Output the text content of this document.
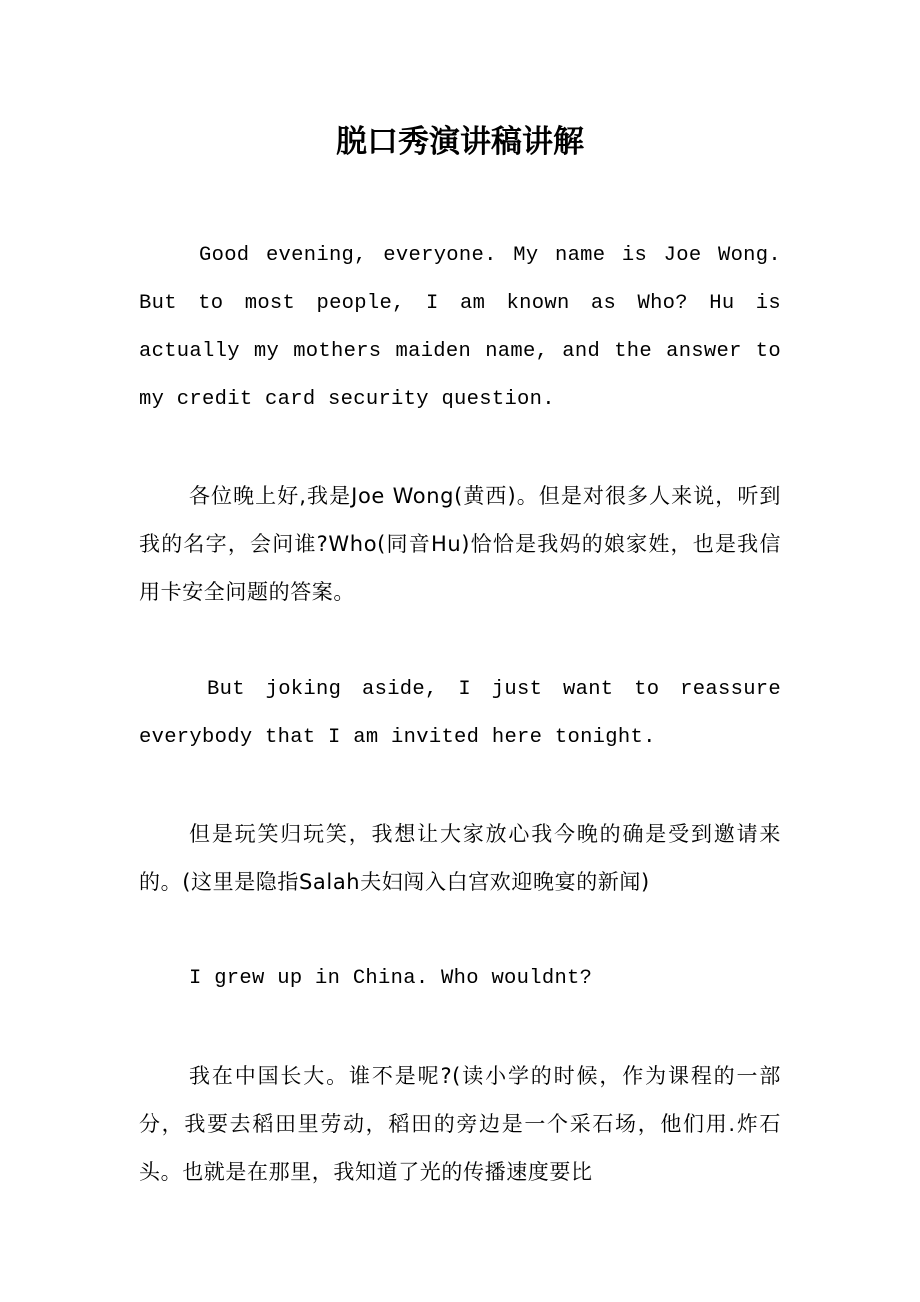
脱口秀演讲稿讲解

Good evening, everyone. My name is Joe Wong. But to most people, I am known as Who? Hu is actually my mothers maiden name, and the answer to my credit card security question.

各位晚上好,我是Joe Wong(黄西)。但是对很多人来说，听到我的名字，会问谁?Who(同音Hu)恰恰是我妈的娘家姓，也是我信用卡安全问题的答案。

But joking aside, I just want to reassure everybody that I am invited here tonight.

但是玩笑归玩笑，我想让大家放心我今晚的确是受到邀请来的。(这里是隐指Salah夫妇闯入白宫欢迎晚宴的新闻)

I grew up in China. Who wouldnt?

我在中国长大。谁不是呢?(读小学的时候，作为课程的一部分，我要去稻田里劳动，稻田的旁边是一个采石场，他们用.炸石头。也就是在那里，我知道了光的传播速度要比
